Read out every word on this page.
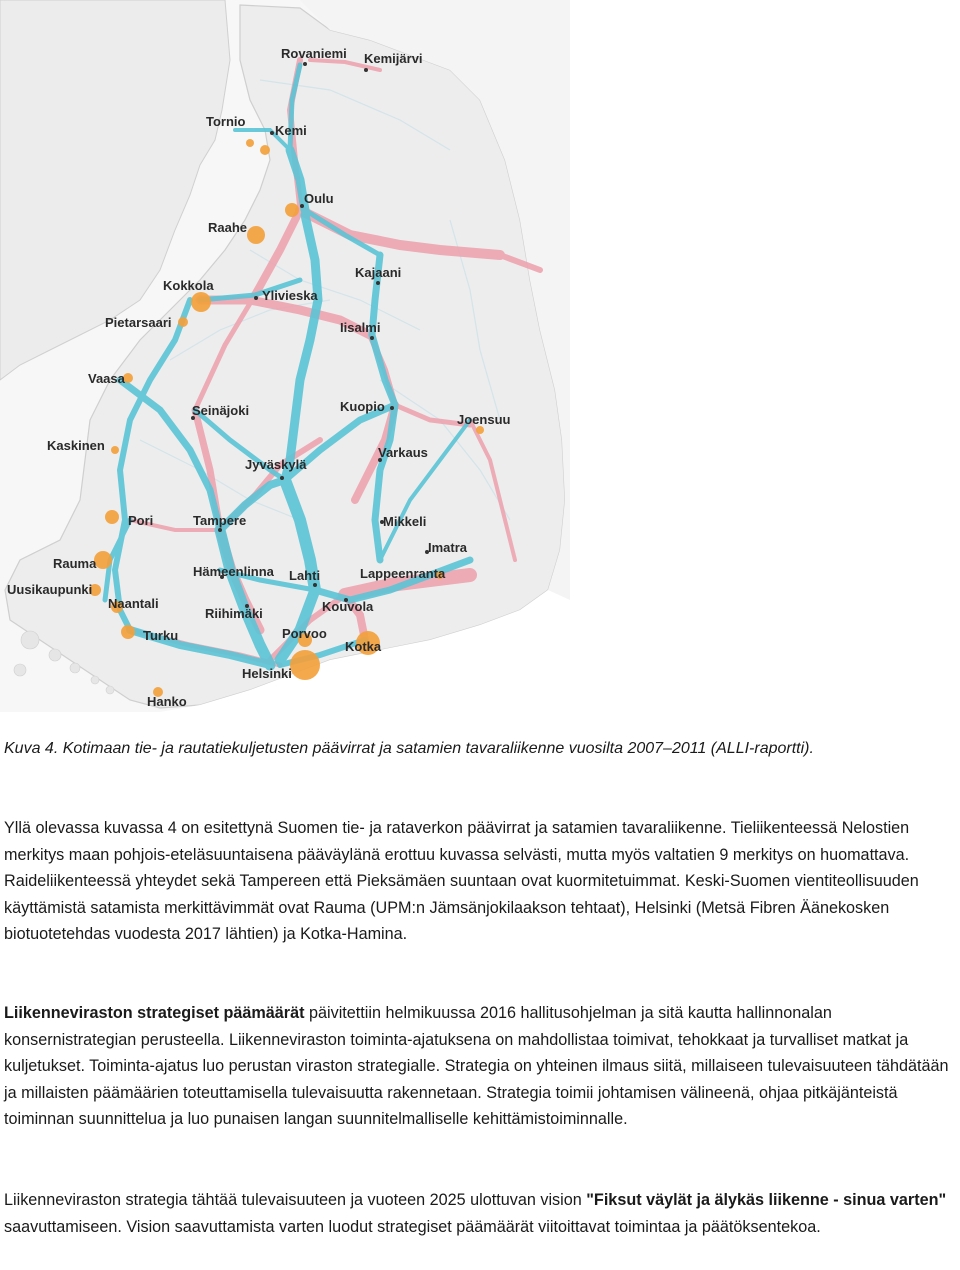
Rovaniemi Kemijärvi
Tornio
Kemi
Oulu
Raahe
Kajaani
Kokkola
Ylivieska
Pietarsaari	Iisalmi
Vaasa
Seinäjoki	Kuopio
Joensuu
Kaskinen	Varkaus
Jyväskylä
Pori	Tampere	Mikkeli
Imatra
Rauma
Uusikaupunki
Hämeenlinna Lahti	Lappeenranta
Naantali
Riihimäki	Kouvola
Turku	Porvoo
Kotka
Helsinki
Hanko
Kuva 4. Kotimaan tie- ja rautatiekuljetusten päävirrat ja satamien tavaraliikenne vuosilta 2007–2011 (ALLI-raportti).

Yllä olevassa kuvassa 4 on esitettynä Suomen tie- ja rataverkon päävirrat ja satamien tavaraliikenne. Tieliikenteessä Nelostien merkitys maan pohjois-eteläsuuntaisena pääväylänä erottuu kuvassa selvästi, mutta myös valtatien 9 merkitys on huomattava. Raideliikenteessä yhteydet sekä Tampereen että Pieksämäen suuntaan ovat kuormitetuimmat. Keski-Suomen vientiteollisuuden käyttämistä satamista merkittävimmät ovat Rauma (UPM:n Jämsänjokilaakson tehtaat), Helsinki (Metsä Fibren Äänekosken biotuotetehdas vuodesta 2017 lähtien) ja Kotka-Hamina.

Liikenneviraston strategiset päämäärät päivitettiin helmikuussa 2016 hallitusohjelman ja sitä kautta hallinnonalan konsernistrategian perusteella. Liikenneviraston toiminta-ajatuksena on mahdollistaa toimivat, tehokkaat ja turvalliset matkat ja kuljetukset. Toiminta-ajatus luo perustan viraston strategialle. Strategia on yhteinen ilmaus siitä, millaiseen tulevaisuuteen tähdätään ja millaisten päämäärien toteuttamisella tulevaisuutta rakennetaan. Strategia toimii johtamisen välineenä, ohjaa pitkäjänteistä toiminnan suunnittelua ja luo punaisen langan suunnitelmalliselle kehittämistoiminnalle.

Liikenneviraston strategia tähtää tulevaisuuteen ja vuoteen 2025 ulottuvan vision "Fiksut väylät ja älykäs liikenne - sinua varten" saavuttamiseen. Vision saavuttamista varten luodut strategiset päämäärät viitoittavat toimintaa ja päätöksentekoa.
